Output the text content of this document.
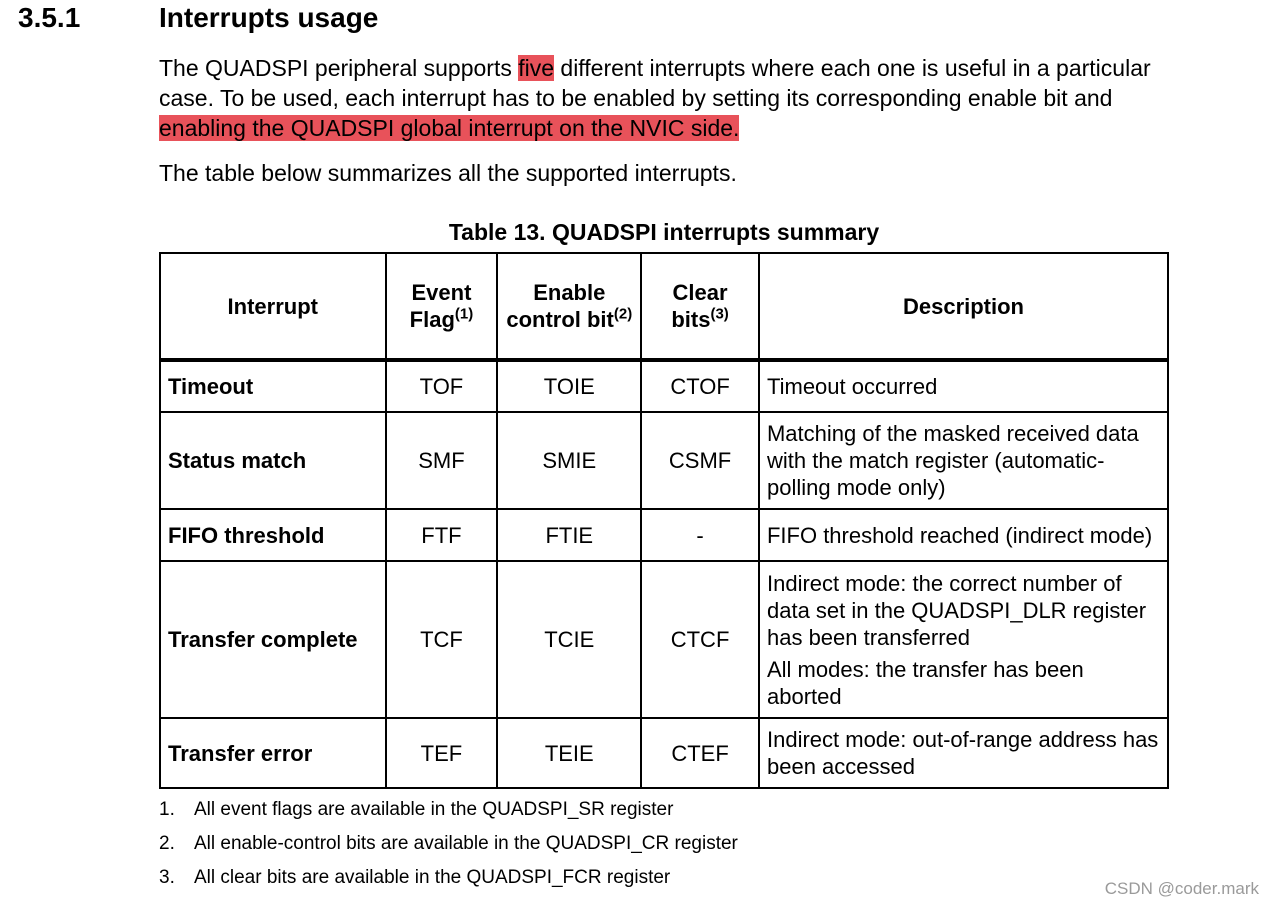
3.5.1	Interrupts usage
The QUADSPI peripheral supports five different interrupts where each one is useful in a particular case. To be used, each interrupt has to be enabled by setting its corresponding enable bit and enabling the QUADSPI global interrupt on the NVIC side.
The table below summarizes all the supported interrupts.
Table 13. QUADSPI interrupts summary
Interrupt	Event Flag$^{(1)}$	Enable control bit$^{(2)}$	Clear bits$^{(3)}$	Description
Timeout	TOF	TOIE	CTOF	Timeout occurred

Status match	SMF	SMIE	CSMF	Matching of the masked received data with the match register (automatic-polling mode only)

FIFO threshold	FTF	FTIE	-	FIFO threshold reached (indirect mode)

Transfer complete	TCF	TCIE	CTCF	Indirect mode: the correct number of data set in the QUADSPI_DLR register has been transferred
All modes: the transfer has been aborted

Transfer error	TEF	TEIE	CTEF	Indirect mode: out-of-range address has been accessed
1.	All event flags are available in the QUADSPI_SR register
2.	All enable-control bits are available in the QUADSPI_CR register
3.	All clear bits are available in the QUADSPI_FCR register
CSDN @coder.mark
